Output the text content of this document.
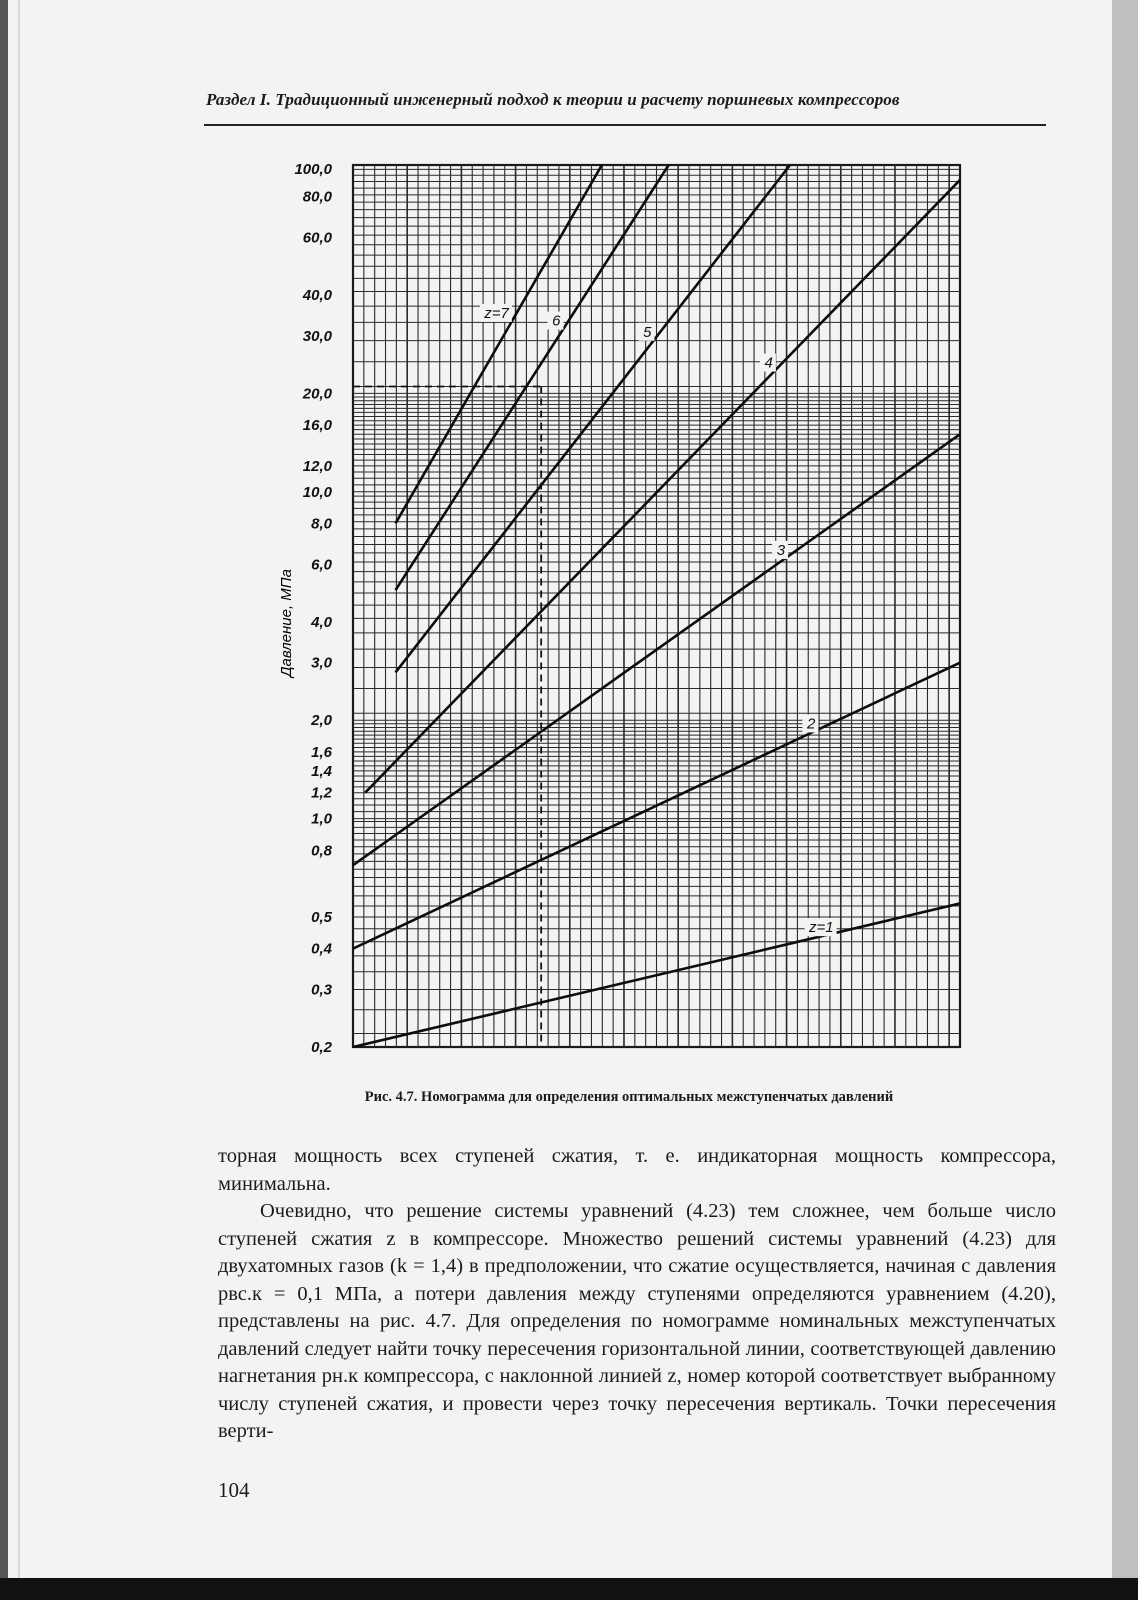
Раздел I. Традиционный инженерный подход к теории и расчету поршневых компрессоров
z=1
2
3
4
5
6
z=7
100,0
80,0
60,0
40,0
30,0
20,0
16,0
12,0
10,0
8,0
6,0
4,0
3,0
2,0
1,6
1,4
1,2
1,0
0,8
0,5
0,4
0,3
0,2
Давление, МПа
Рис. 4.7. Номограмма для определения оптимальных межступенчатых давлений

торная мощность всех ступеней сжатия, т. е. индикаторная мощность компрессора, минимальна.

Очевидно, что решение системы уравнений (4.23) тем сложнее, чем больше число ступеней сжатия z в компрессоре. Множество решений системы уравнений (4.23) для двухатомных газов (k = 1,4) в предположении, что сжатие осуществляется, начиная с давления pвс.к = 0,1 МПа, а потери давления между ступенями определяются уравнением (4.20), представлены на рис. 4.7. Для определения по номограмме номинальных межступенчатых давлений следует найти точку пересечения горизонтальной линии, соответствующей давлению нагнетания pн.к компрессора, с наклонной линией z, номер которой соответствует выбранному числу ступеней сжатия, и провести через точку пересечения вертикаль. Точки пересечения верти-

104
